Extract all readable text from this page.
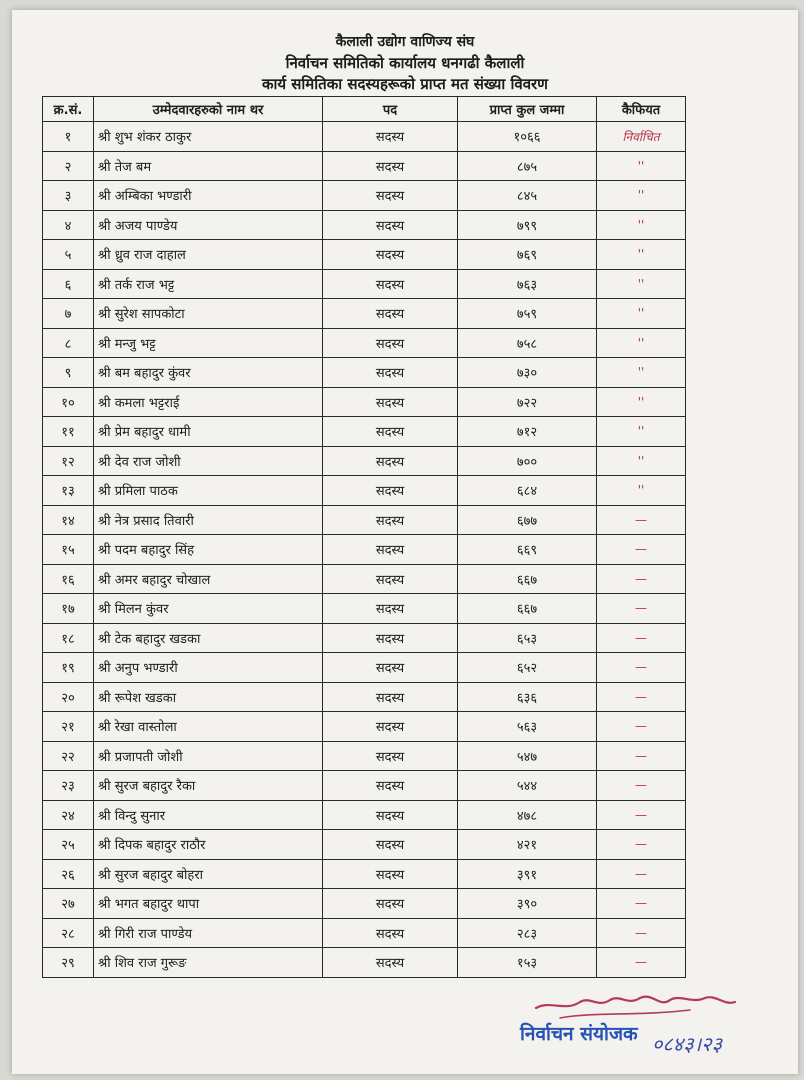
कैलाली उद्योग वाणिज्य संघ
निर्वाचन समितिको कार्यालय धनगढी कैलाली
कार्य समितिका सदस्यहरूको प्राप्त मत संख्या विवरण
क्र.सं.	उम्मेदवारहरुको नाम थर	पद	प्राप्त कुल जम्मा	कैफियत
१	श्री शुभ शंकर ठाकुर	सदस्य	१०६६	निर्वाचित
२	श्री तेज बम	सदस्य	८७५	''
३	श्री अम्बिका भण्डारी	सदस्य	८४५	''
४	श्री अजय पाण्डेय	सदस्य	७९९	''
५	श्री ध्रुव राज दाहाल	सदस्य	७६९	''
६	श्री तर्क राज भट्ट	सदस्य	७६३	''
७	श्री सुरेश सापकोटा	सदस्य	७५९	''
८	श्री मन्जु भट्ट	सदस्य	७५८	''
९	श्री बम बहादुर कुंवर	सदस्य	७३०	''
१०	श्री कमला भट्टराई	सदस्य	७२२	''
११	श्री प्रेम बहादुर धामी	सदस्य	७१२	''
१२	श्री देव राज जोशी	सदस्य	७००	''
१३	श्री प्रमिला पाठक	सदस्य	६८४	''
१४	श्री नेत्र प्रसाद तिवारी	सदस्य	६७७	—
१५	श्री पदम बहादुर सिंह	सदस्य	६६९	—
१६	श्री अमर बहादुर चोखाल	सदस्य	६६७	—
१७	श्री मिलन कुंवर	सदस्य	६६७	—
१८	श्री टेक बहादुर खडका	सदस्य	६५३	—
१९	श्री अनुप भण्डारी	सदस्य	६५२	—
२०	श्री रूपेश खडका	सदस्य	६३६	—
२१	श्री रेखा वास्तोला	सदस्य	५६३	—
२२	श्री प्रजापती जोशी	सदस्य	५४७	—
२३	श्री सुरज बहादुर रैका	सदस्य	५४४	—
२४	श्री विन्दु सुनार	सदस्य	४७८	—
२५	श्री दिपक बहादुर राठौर	सदस्य	४२१	—
२६	श्री सुरज बहादुर बोहरा	सदस्य	३९१	—
२७	श्री भगत बहादुर थापा	सदस्य	३९०	—
२८	श्री गिरी राज पाण्डेय	सदस्य	२८३	—
२९	श्री शिव राज गुरूङ	सदस्य	१५३	—
निर्वाचन संयोजक ०८४३।२३
